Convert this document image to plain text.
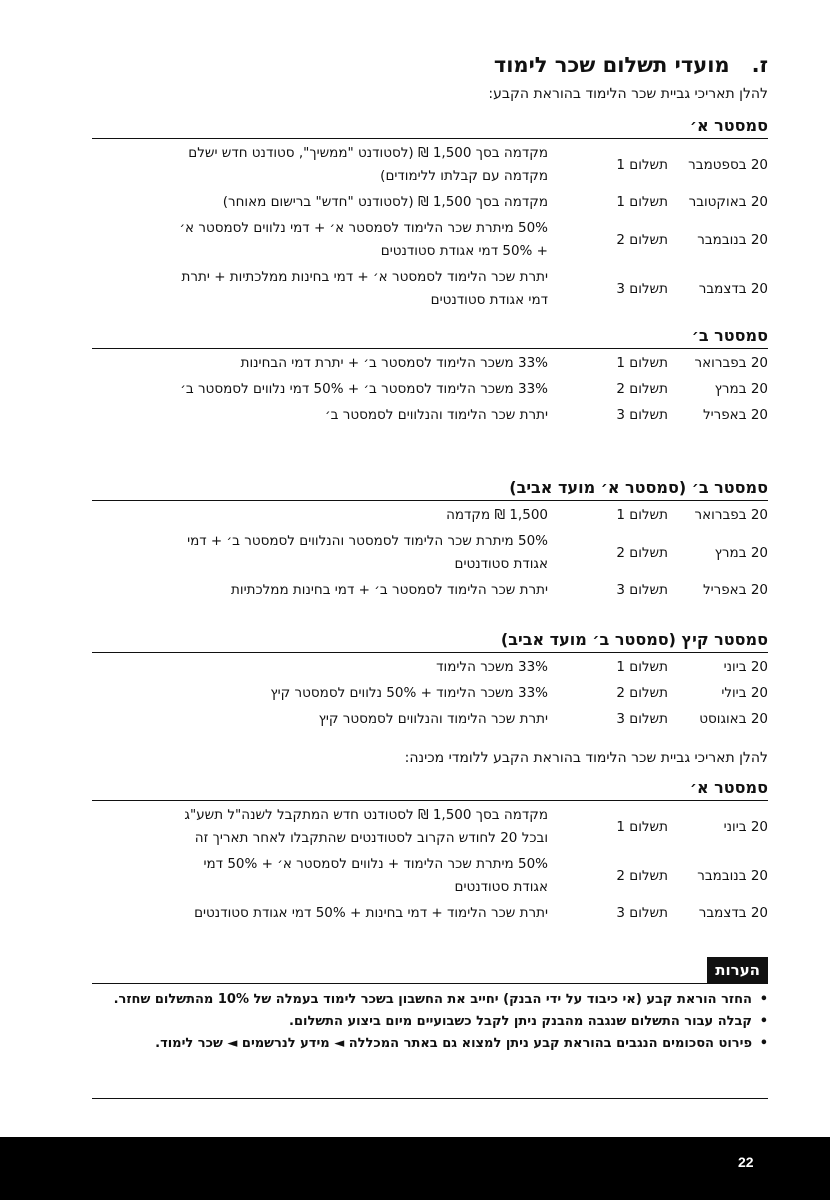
ז.מועדי תשלום שכר לימוד
להלן תאריכי גביית שכר הלימוד בהוראת הקבע:
סמסטר א׳
20 בספטמבר
תשלום 1
מקדמה בסך 1,500 ₪ (לסטודנט "ממשיך", סטודנט חדש ישלם מקדמה עם קבלתו ללימודים)
20 באוקטובר
תשלום 1
מקדמה בסך 1,500 ₪ (לסטודנט "חדש" ברישום מאוחר)
20 בנובמבר
תשלום 2
50% מיתרת שכר הלימוד לסמסטר א׳ + דמי נלווים לסמסטר א׳ + 50% דמי אגודת סטודנטים
20 בדצמבר
תשלום 3
יתרת שכר הלימוד לסמסטר א׳ + דמי בחינות ממלכתיות + יתרת דמי אגודת סטודנטים
סמסטר ב׳
20 בפברואר
תשלום 1
33% משכר הלימוד לסמסטר ב׳ + יתרת דמי הבחינות
20 במרץ
תשלום 2
33% משכר הלימוד לסמסטר ב׳ + 50% דמי נלווים לסמסטר ב׳
20 באפריל
תשלום 3
יתרת שכר הלימוד והנלווים לסמסטר ב׳
סמסטר ב׳ (סמסטר א׳ מועד אביב)
20 בפברואר
תשלום 1
1,500 ₪ מקדמה
20 במרץ
תשלום 2
50% מיתרת שכר הלימוד לסמסטר והנלווים לסמסטר ב׳ + דמי אגודת סטודנטים
20 באפריל
תשלום 3
יתרת שכר הלימוד לסמסטר ב׳ + דמי בחינות ממלכתיות
סמסטר קיץ (סמסטר ב׳ מועד אביב)
20 ביוני
תשלום 1
33% משכר הלימוד
20 ביולי
תשלום 2
33% משכר הלימוד + 50% נלווים לסמסטר קיץ
20 באוגוסט
תשלום 3
יתרת שכר הלימוד והנלווים לסמסטר קיץ
להלן תאריכי גביית שכר הלימוד בהוראת הקבע ללומדי מכינה:
סמסטר א׳
20 ביוני
תשלום 1
מקדמה בסך 1,500 ₪ לסטודנט חדש המתקבל לשנה"ל תשע"ג ובכל 20 לחודש הקרוב לסטודנטים שהתקבלו לאחר תאריך זה
20 בנובמבר
תשלום 2
50% מיתרת שכר הלימוד + נלווים לסמסטר א׳ + 50% דמי אגודת סטודנטים
20 בדצמבר
תשלום 3
יתרת שכר הלימוד + דמי בחינות + 50% דמי אגודת סטודנטים
הערות
•
החזר הוראת קבע (אי כיבוד על ידי הבנק) יחייב את החשבון בשכר לימוד בעמלה של 10% מהתשלום שחזר.
•
קבלה עבור התשלום שנגבה מהבנק ניתן לקבל כשבועיים מיום ביצוע התשלום.
•
פירוט הסכומים הנגבים בהוראת קבע ניתן למצוא גם באתר המכללה ◄ מידע לנרשמים ◄ שכר לימוד.
22
